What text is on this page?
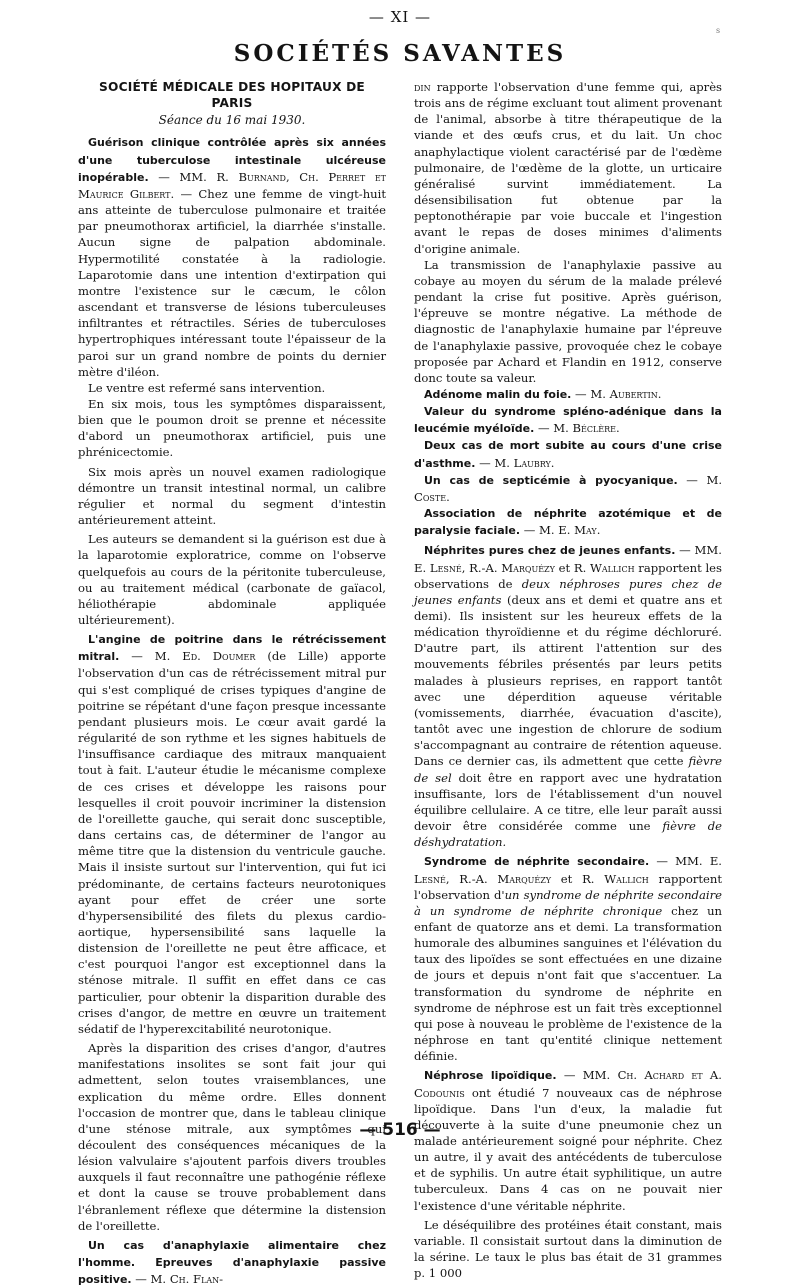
— XI —
s
SOCIÉTÉS SAVANTES
SOCIÉTÉ MÉDICALE DES HOPITAUX DE PARIS
Séance du 16 mai 1930.

Guérison clinique contrôlée après six années d'une tuberculose intestinale ulcéreuse inopérable. — MM. R. Burnand, Ch. Perret et Maurice Gilbert. — Chez une femme de vingt-huit ans atteinte de tuberculose pulmonaire et traitée par pneumothorax artificiel, la diarrhée s'installe. Aucun signe de palpation abdominale. Hypermotilité constatée à la radiologie. Laparotomie dans une intention d'extirpation qui montre l'existence sur le cæcum, le côlon ascendant et transverse de lésions tuberculeuses infiltrantes et rétractiles. Séries de tuberculoses hypertrophiques intéressant toute l'épaisseur de la paroi sur un grand nombre de points du dernier mètre d'iléon.

Le ventre est refermé sans intervention.

En six mois, tous les symptômes disparaissent, bien que le poumon droit se prenne et nécessite d'abord un pneumothorax artificiel, puis une phrénicectomie.

Six mois après un nouvel examen radiologique démontre un transit intestinal normal, un calibre régulier et normal du segment d'intestin antérieurement atteint.

Les auteurs se demandent si la guérison est due à la laparotomie exploratrice, comme on l'observe quelquefois au cours de la péritonite tuberculeuse, ou au traitement médical (carbonate de gaïacol, héliothérapie abdominale appliquée ultérieurement).

L'angine de poitrine dans le rétrécissement mitral. — M. Ed. Doumer (de Lille) apporte l'observation d'un cas de rétrécissement mitral pur qui s'est compliqué de crises typiques d'angine de poitrine se répétant d'une façon presque incessante pendant plusieurs mois. Le cœur avait gardé la régularité de son rythme et les signes habituels de l'insuffisance cardiaque des mitraux manquaient tout à fait. L'auteur étudie le mécanisme complexe de ces crises et développe les raisons pour lesquelles il croit pouvoir incriminer la distension de l'oreillette gauche, qui serait donc susceptible, dans certains cas, de déterminer de l'angor au même titre que la distension du ventricule gauche. Mais il insiste surtout sur l'intervention, qui fut ici prédominante, de certains facteurs neurotoniques ayant pour effet de créer une sorte d'hypersensibilité des filets du plexus cardio-aortique, hypersensibilité sans laquelle la distension de l'oreillette ne peut être afficace, et c'est pourquoi l'angor est exceptionnel dans la sténose mitrale. Il suffit en effet dans ce cas particulier, pour obtenir la disparition durable des crises d'angor, de mettre en œuvre un traitement sédatif de l'hyperexcitabilité neurotonique.

Après la disparition des crises d'angor, d'autres manifestations insolites se sont fait jour qui admettent, selon toutes vraisemblances, une explication du même ordre. Elles donnent l'occasion de montrer que, dans le tableau clinique d'une sténose mitrale, aux symptômes qui découlent des conséquences mécaniques de la lésion valvulaire s'ajoutent parfois divers troubles auxquels il faut reconnaître une pathogénie réflexe et dont la cause se trouve probablement dans l'ébranlement réflexe que détermine la distension de l'oreillette.

Un cas d'anaphylaxie alimentaire chez l'homme. Epreuves d'anaphylaxie passive positive. — M. Ch. Flan-

din rapporte l'observation d'une femme qui, après trois ans de régime excluant tout aliment provenant de l'animal, absorbe à titre thérapeutique de la viande et des œufs crus, et du lait. Un choc anaphylactique violent caractérisé par de l'œdème pulmonaire, de l'œdème de la glotte, un urticaire généralisé survint immédiatement. La désensibilisation fut obtenue par la peptonothérapie par voie buccale et l'ingestion avant le repas de doses minimes d'aliments d'origine animale.

La transmission de l'anaphylaxie passive au cobaye au moyen du sérum de la malade prélevé pendant la crise fut positive. Après guérison, l'épreuve se montre négative. La méthode de diagnostic de l'anaphylaxie humaine par l'épreuve de l'anaphylaxie passive, provoquée chez le cobaye proposée par Achard et Flandin en 1912, conserve donc toute sa valeur.

Adénome malin du foie. — M. Aubertin.

Valeur du syndrome spléno-adénique dans la leucémie myéloïde. — M. Béclère.

Deux cas de mort subite au cours d'une crise d'asthme. — M. Laubry.

Un cas de septicémie à pyocyanique. — M. Coste.

Association de néphrite azotémique et de paralysie faciale. — M. E. May.

Néphrites pures chez de jeunes enfants. — MM. E. Lesné, R.-A. Marquézy et R. Wallich rapportent les observations de deux néphroses pures chez de jeunes enfants (deux ans et demi et quatre ans et demi). Ils insistent sur les heureux effets de la médication thyroïdienne et du régime déchloruré. D'autre part, ils attirent l'attention sur des mouvements fébriles présentés par leurs petits malades à plusieurs reprises, en rapport tantôt avec une déperdition aqueuse véritable (vomissements, diarrhée, évacuation d'ascite), tantôt avec une ingestion de chlorure de sodium s'accompagnant au contraire de rétention aqueuse. Dans ce dernier cas, ils admettent que cette fièvre de sel doit être en rapport avec une hydratation insuffisante, lors de l'établissement d'un nouvel équilibre cellulaire. A ce titre, elle leur paraît aussi devoir être considérée comme une fièvre de déshydratation.

Syndrome de néphrite secondaire. — MM. E. Lesné, R.-A. Marquézy et R. Wallich rapportent l'observation d'un syndrome de néphrite secondaire à un syndrome de néphrite chronique chez un enfant de quatorze ans et demi. La transformation humorale des albumines sanguines et l'élévation du taux des lipoïdes se sont effectuées en une dizaine de jours et depuis n'ont fait que s'accentuer. La transformation du syndrome de néphrite en syndrome de néphrose est un fait très exceptionnel qui pose à nouveau le problème de l'existence de la néphrose en tant qu'entité clinique nettement définie.

Néphrose lipoïdique. — MM. Ch. Achard et A. Codounis ont étudié 7 nouveaux cas de néphrose lipoïdique. Dans l'un d'eux, la maladie fut découverte à la suite d'une pneumonie chez un malade antérieurement soigné pour néphrite. Chez un autre, il y avait des antécédents de tuberculose et de syphilis. Un autre était syphilitique, un autre tuberculeux. Dans 4 cas on ne pouvait nier l'existence d'une véritable néphrite.

Le déséquilibre des protéines était constant, mais variable. Il consistait surtout dans la diminution de la sérine. Le taux le plus bas était de 31 grammes p. 1 000

— 516 —
